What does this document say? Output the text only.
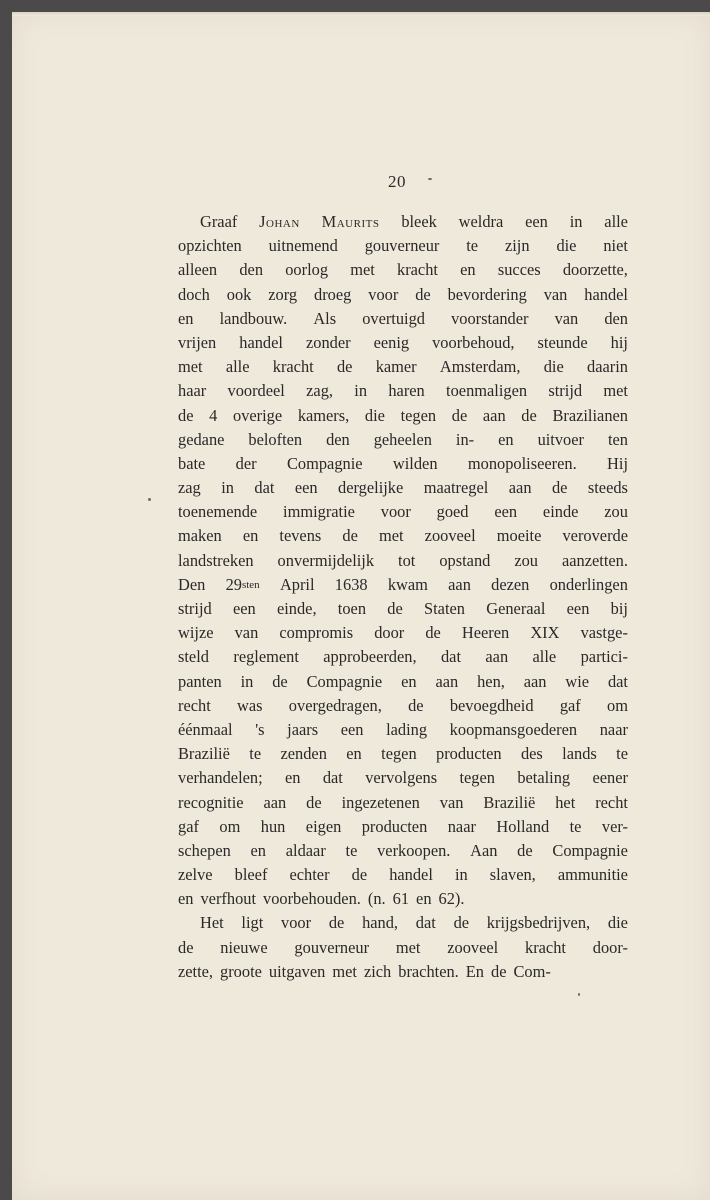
20
Graaf Johan Maurits bleek weldra een in alle
opzichten uitnemend gouverneur te zijn die niet
alleen den oorlog met kracht en succes doorzette,
doch ook zorg droeg voor de bevordering van handel
en landbouw. Als overtuigd voorstander van den
vrijen handel zonder eenig voorbehoud, steunde hij
met alle kracht de kamer Amsterdam, die daarin
haar voordeel zag, in haren toenmaligen strijd met
de 4 overige kamers, die tegen de aan de Brazilianen
gedane beloften den geheelen in- en uitvoer ten
bate der Compagnie wilden monopoliseeren. Hij
zag in dat een dergelijke maatregel aan de steeds
toenemende immigratie voor goed een einde zou
maken en tevens de met zooveel moeite veroverde
landstreken onvermijdelijk tot opstand zou aanzetten.
Den 29sten April 1638 kwam aan dezen onderlingen
strijd een einde, toen de Staten Generaal een bij
wijze van compromis door de Heeren XIX vastge-
steld reglement approbeerden, dat aan alle partici-
panten in de Compagnie en aan hen, aan wie dat
recht was overgedragen, de bevoegdheid gaf om
éénmaal 's jaars een lading koopmansgoederen naar
Brazilië te zenden en tegen producten des lands te
verhandelen; en dat vervolgens tegen betaling eener
recognitie aan de ingezetenen van Brazilië het recht
gaf om hun eigen producten naar Holland te ver-
schepen en aldaar te verkoopen. Aan de Compagnie
zelve bleef echter de handel in slaven, ammunitie
en verfhout voorbehouden. (n. 61 en 62).
Het ligt voor de hand, dat de krijgsbedrijven, die
de nieuwe gouverneur met zooveel kracht door-
zette, groote uitgaven met zich brachten. En de Com-
